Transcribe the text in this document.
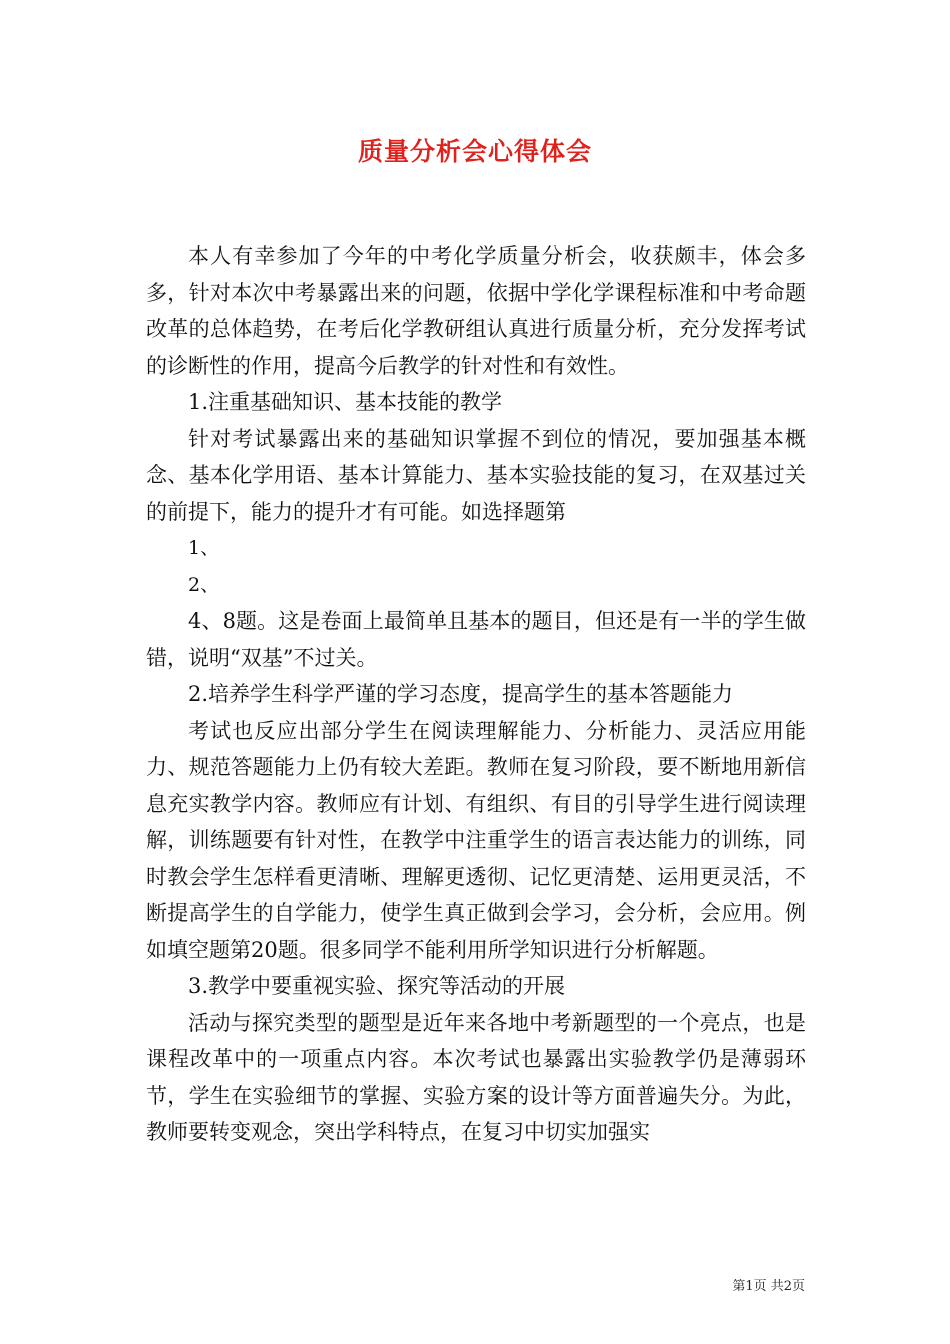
质量分析会心得体会

本人有幸参加了今年的中考化学质量分析会，收获颇丰，体会多多，针对本次中考暴露出来的问题，依据中学化学课程标准和中考命题改革的总体趋势，在考后化学教研组认真进行质量分析，充分发挥考试的诊断性的作用，提高今后教学的针对性和有效性。

1.注重基础知识、基本技能的教学

针对考试暴露出来的基础知识掌握不到位的情况，要加强基本概念、基本化学用语、基本计算能力、基本实验技能的复习，在双基过关的前提下，能力的提升才有可能。如选择题第

1、

2、

4、8题。这是卷面上最简单且基本的题目，但还是有一半的学生做错，说明“双基”不过关。

2.培养学生科学严谨的学习态度，提高学生的基本答题能力

考试也反应出部分学生在阅读理解能力、分析能力、灵活应用能力、规范答题能力上仍有较大差距。教师在复习阶段，要不断地用新信息充实教学内容。教师应有计划、有组织、有目的引导学生进行阅读理解，训练题要有针对性，在教学中注重学生的语言表达能力的训练，同时教会学生怎样看更清晰、理解更透彻、记忆更清楚、运用更灵活，不断提高学生的自学能力，使学生真正做到会学习，会分析，会应用。例如填空题第20题。很多同学不能利用所学知识进行分析解题。

3.教学中要重视实验、探究等活动的开展

活动与探究类型的题型是近年来各地中考新题型的一个亮点，也是课程改革中的一项重点内容。本次考试也暴露出实验教学仍是薄弱环节，学生在实验细节的掌握、实验方案的设计等方面普遍失分。为此，教师要转变观念，突出学科特点，在复习中切实加强实

第1页 共2页
